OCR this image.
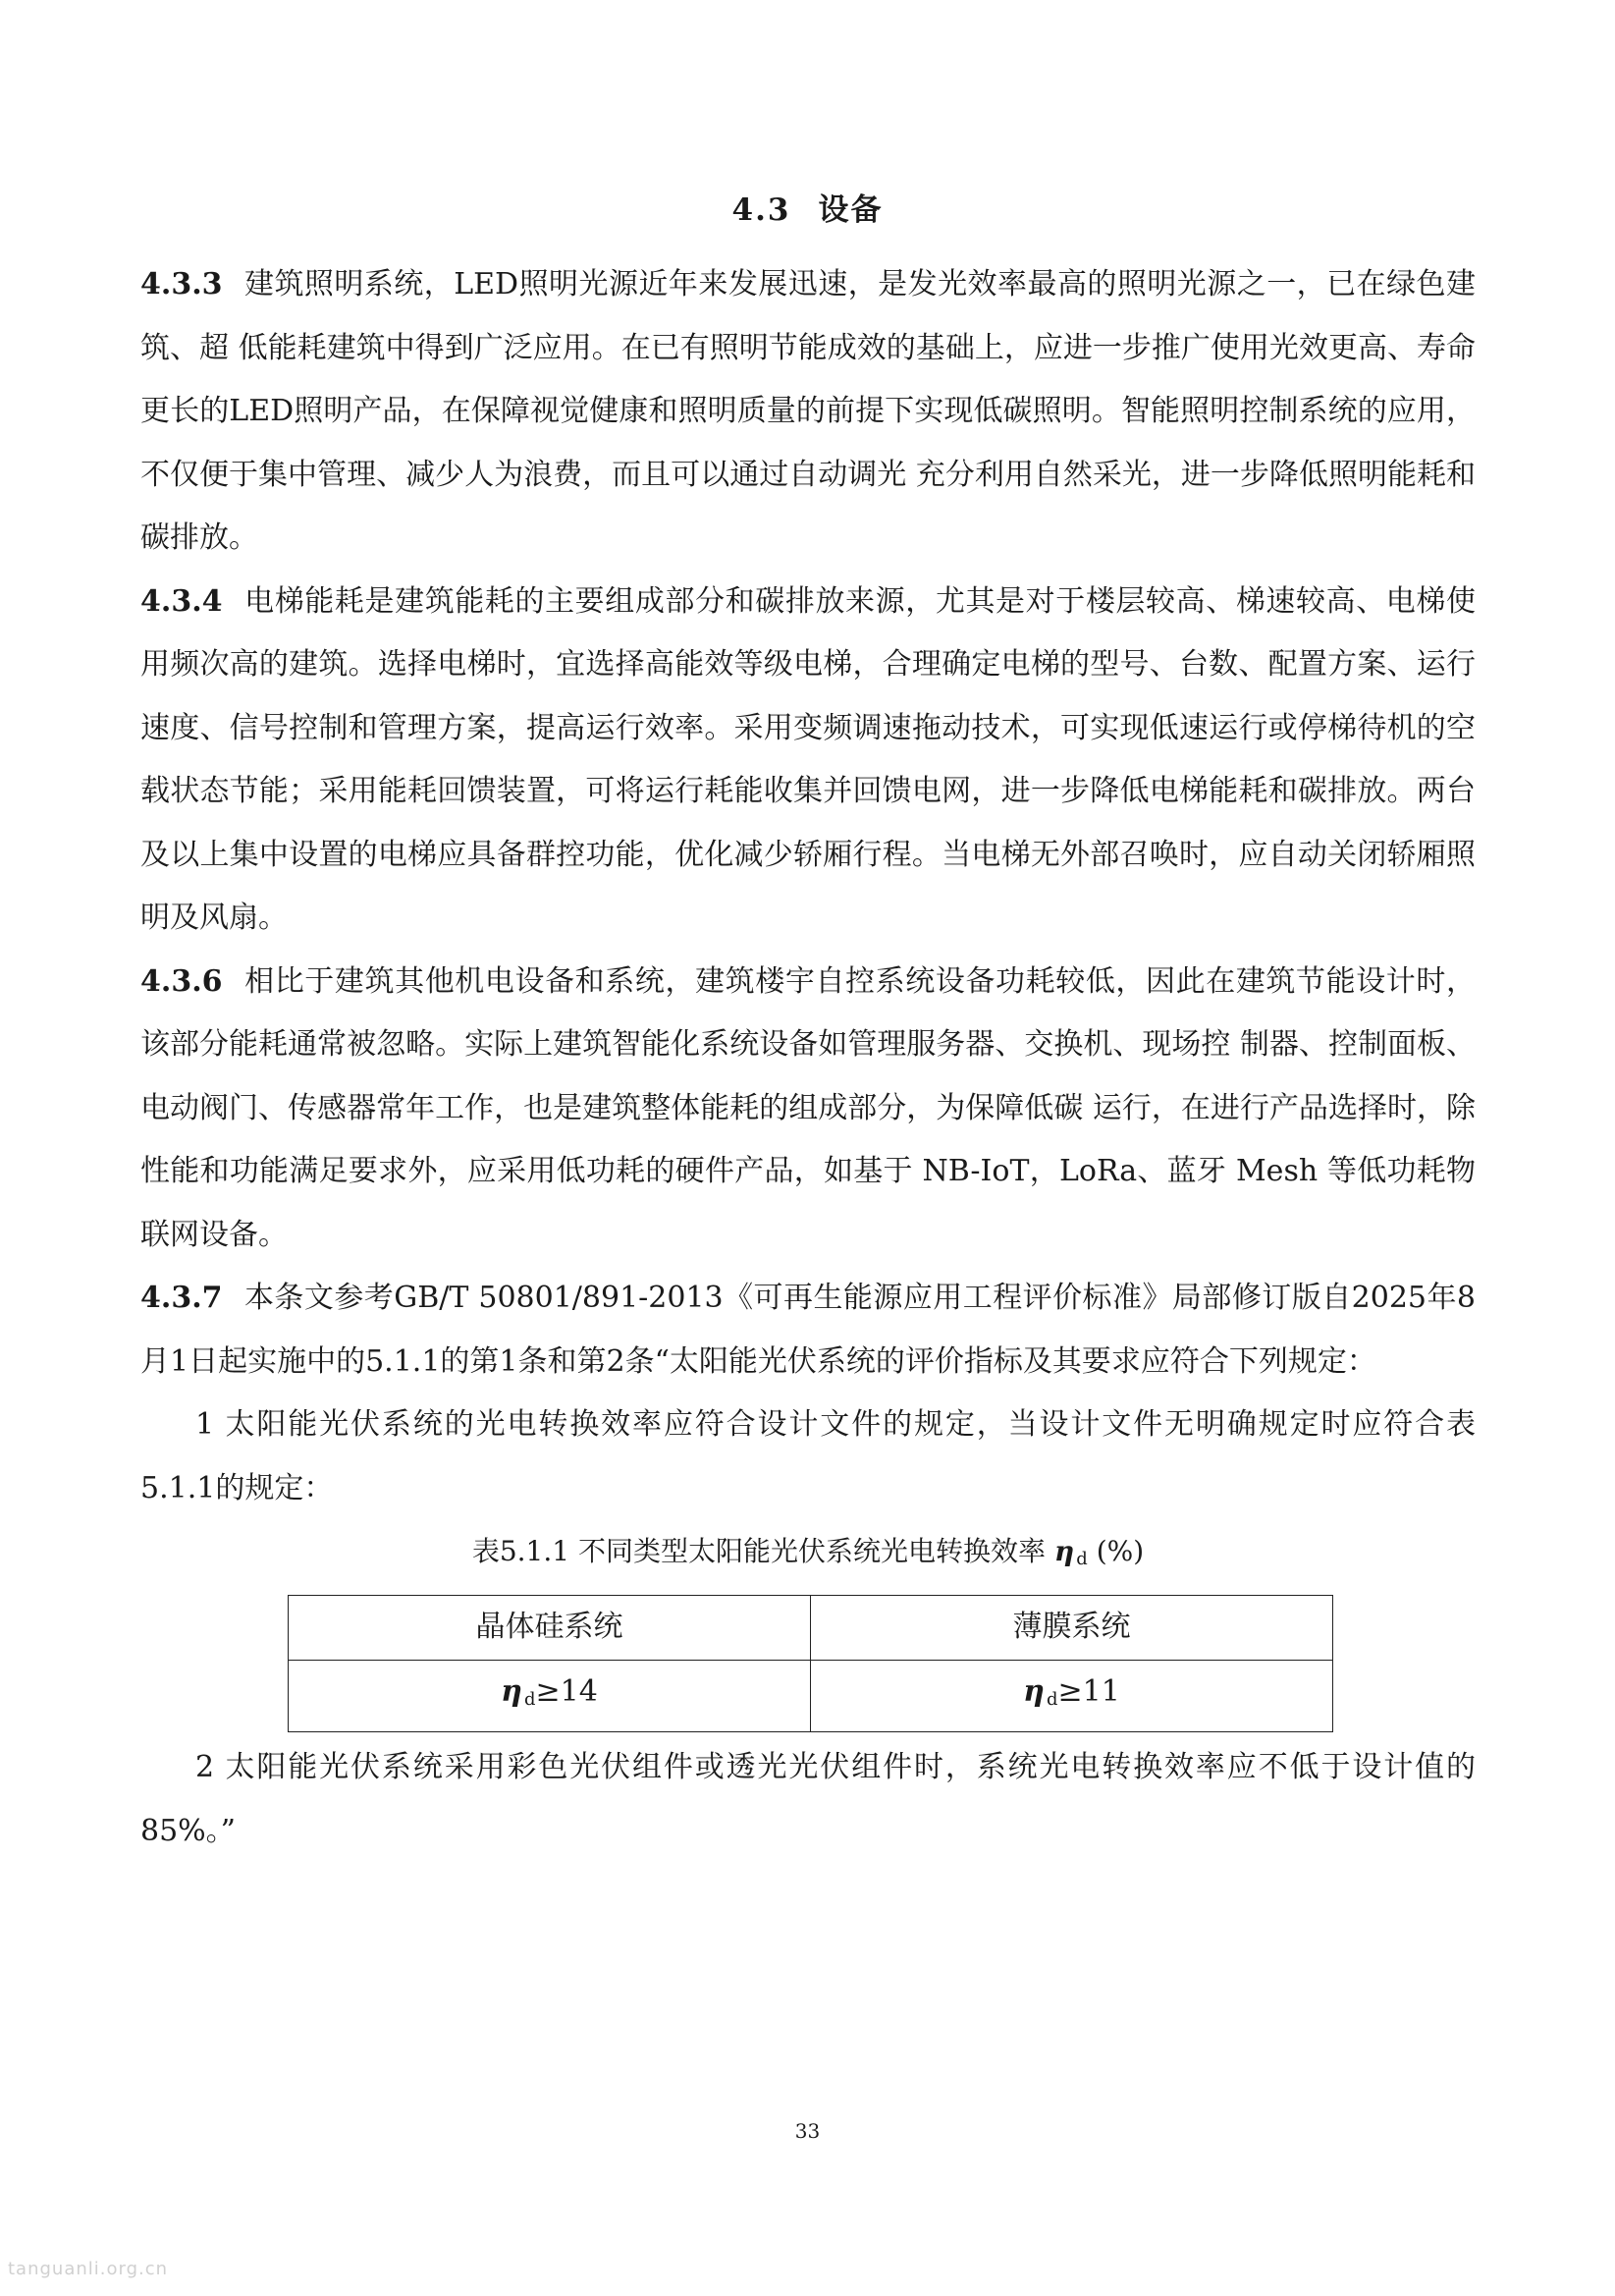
4.3 设备

4.3.3 建筑照明系统，LED照明光源近年来发展迅速，是发光效率最高的照明光源之一，已在绿色建筑、超 低能耗建筑中得到广泛应用。在已有照明节能成效的基础上，应进一步推广使用光效更高、寿命更长的LED照明产品，在保障视觉健康和照明质量的前提下实现低碳照明。智能照明控制系统的应用，不仅便于集中管理、减少人为浪费，而且可以通过自动调光 充分利用自然采光，进一步降低照明能耗和碳排放。

4.3.4 电梯能耗是建筑能耗的主要组成部分和碳排放来源，尤其是对于楼层较高、梯速较高、电梯使用频次高的建筑。选择电梯时，宜选择高能效等级电梯，合理确定电梯的型号、台数、配置方案、运行速度、信号控制和管理方案，提高运行效率。采用变频调速拖动技术，可实现低速运行或停梯待机的空载状态节能；采用能耗回馈装置，可将运行耗能收集并回馈电网，进一步降低电梯能耗和碳排放。两台及以上集中设置的电梯应具备群控功能，优化减少轿厢行程。当电梯无外部召唤时，应自动关闭轿厢照明及风扇。

4.3.6 相比于建筑其他机电设备和系统，建筑楼宇自控系统设备功耗较低，因此在建筑节能设计时，该部分能耗通常被忽略。实际上建筑智能化系统设备如管理服务器、交换机、现场控 制器、控制面板、电动阀门、传感器常年工作，也是建筑整体能耗的组成部分，为保障低碳 运行，在进行产品选择时，除性能和功能满足要求外，应采用低功耗的硬件产品，如基于 NB-IoT，LoRa、蓝牙 Mesh 等低功耗物联网设备。

4.3.7 本条文参考GB/T 50801/891-2013《可再生能源应用工程评价标准》局部修订版自2025年8月1日起实施中的5.1.1的第1条和第2条“太阳能光伏系统的评价指标及其要求应符合下列规定：

1 太阳能光伏系统的光电转换效率应符合设计文件的规定，当设计文件无明确规定时应符合表5.1.1的规定：

表5.1.1 不同类型太阳能光伏系统光电转换效率 η $_d$ (%)
晶体硅系统	薄膜系统
η $_d$≥14	η $_d$≥11

2 太阳能光伏系统采用彩色光伏组件或透光光伏组件时，系统光电转换效率应不低于设计值的85%。”

33
tanguanli.org.cn
